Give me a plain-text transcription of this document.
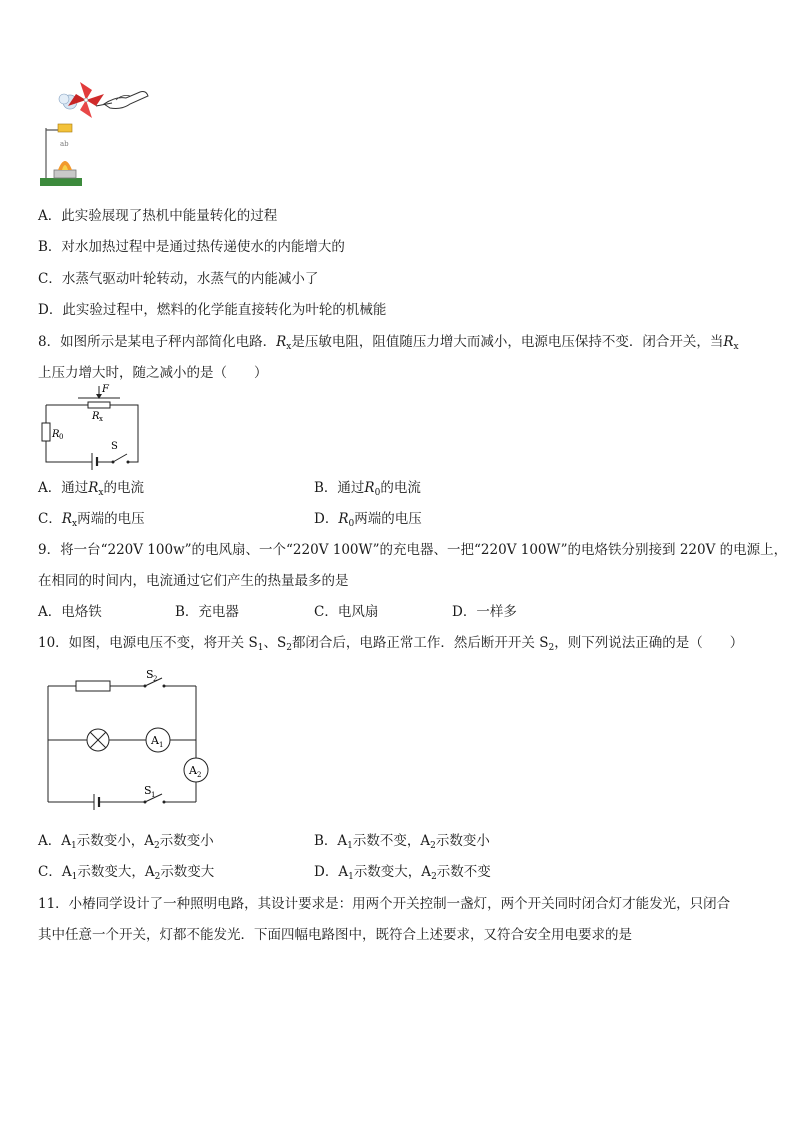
ab
A．此实验展现了热机中能量转化的过程
B．对水加热过程中是通过热传递使水的内能增大的
C．水蒸气驱动叶轮转动，水蒸气的内能减小了
D．此实验过程中，燃料的化学能直接转化为叶轮的机械能
8．如图所示是某电子秤内部简化电路．$R_x$是压敏电阻，阻值随压力增大而减小，电源电压保持不变．闭合开关，当$R_x$
上压力增大时，随之减小的是（　　）
F
R x
R 0
S
A．通过$R_x$的电流	B．通过$R_0$的电流
C．$R_x$两端的电压	D．$R_0$两端的电压
9．将一台“220V 100w”的电风扇、一个“220V 100W”的充电器、一把“220V 100W”的电烙铁分别接到 220V 的电源上，
在相同的时间内，电流通过它们产生的热量最多的是
A．电烙铁	B．充电器	C．电风扇	D．一样多
10．如图，电源电压不变，将开关 $S_1$、$S_2$都闭合后，电路正常工作．然后断开开关 $S_2$，则下列说法正确的是（　　）
S 2
A 1
A 2
S 1
A．$A_1$示数变小，$A_2$示数变小	B．$A_1$示数不变，$A_2$示数变小
C．$A_1$示数变大，$A_2$示数变大	D．$A_1$示数变大，$A_2$示数不变
11．小椿同学设计了一种照明电路，其设计要求是：用两个开关控制一盏灯，两个开关同时闭合灯才能发光，只闭合
其中任意一个开关，灯都不能发光．下面四幅电路图中，既符合上述要求，又符合安全用电要求的是
